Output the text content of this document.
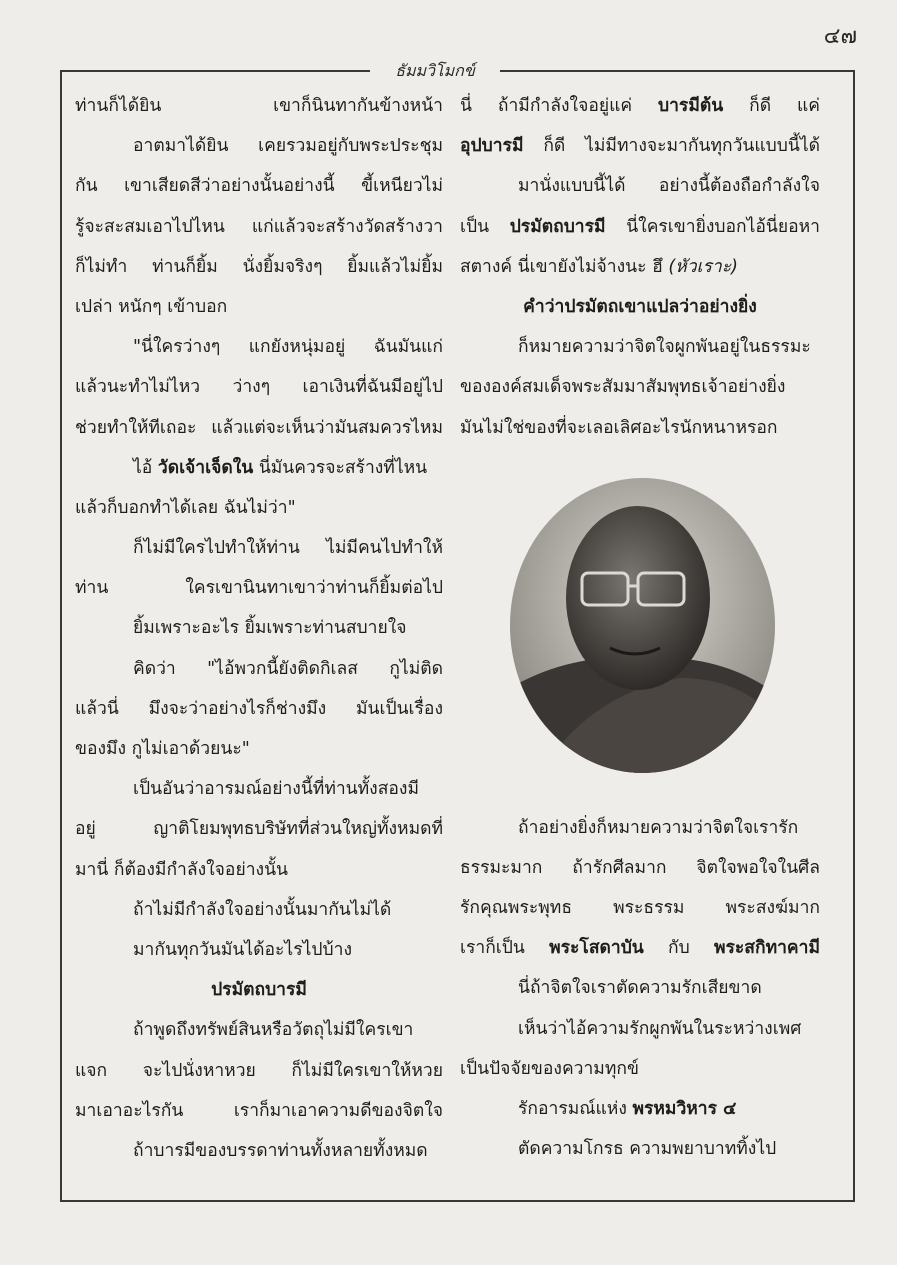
๔๗
ธัมมวิโมกข์
ท่านก็ได้ยิน เขาก็นินทากันข้างหน้า
อาตมาได้ยิน เคยรวมอยู่กับพระประชุม
กัน เขาเสียดสีว่าอย่างนั้นอย่างนี้ ขี้เหนียวไม่
รู้จะสะสมเอาไปไหน แก่แล้วจะสร้างวัดสร้างวา
ก็ไม่ทำ ท่านก็ยิ้ม นั่งยิ้มจริงๆ ยิ้มแล้วไม่ยิ้ม
เปล่า หนักๆ เข้าบอก
"นี่ใครว่างๆ แกยังหนุ่มอยู่ ฉันมันแก่
แล้วนะทำไม่ไหว ว่างๆ เอาเงินที่ฉันมีอยู่ไป
ช่วยทำให้ทีเถอะ แล้วแต่จะเห็นว่ามันสมควรไหม
ไอ้ วัดเจ้าเจ็ดใน นี่มันควรจะสร้างที่ไหน
แล้วก็บอกทำได้เลย ฉันไม่ว่า"
ก็ไม่มีใครไปทำให้ท่าน ไม่มีคนไปทำให้
ท่าน ใครเขานินทาเขาว่าท่านก็ยิ้มต่อไป
ยิ้มเพราะอะไร ยิ้มเพราะท่านสบายใจ
คิดว่า "ไอ้พวกนี้ยังติดกิเลส กูไม่ติด
แล้วนี่ มึงจะว่าอย่างไรก็ช่างมึง มันเป็นเรื่อง
ของมึง กูไม่เอาด้วยนะ"
เป็นอันว่าอารมณ์อย่างนี้ที่ท่านทั้งสองมี
อยู่ ญาติโยมพุทธบริษัทที่ส่วนใหญ่ทั้งหมดที่
มานี่ ก็ต้องมีกำลังใจอย่างนั้น
ถ้าไม่มีกำลังใจอย่างนั้นมากันไม่ได้
มากันทุกวันมันได้อะไรไปบ้าง
ปรมัตถบารมี
ถ้าพูดถึงทรัพย์สินหรือวัตถุไม่มีใครเขา
แจก จะไปนั่งหาหวย ก็ไม่มีใครเขาให้หวย
มาเอาอะไรกัน เราก็มาเอาความดีของจิตใจ
ถ้าบารมีของบรรดาท่านทั้งหลายทั้งหมด
นี่ ถ้ามีกำลังใจอยู่แค่ บารมีต้น ก็ดี แค่
อุปบารมี ก็ดี ไม่มีทางจะมากันทุกวันแบบนี้ได้
มานั่งแบบนี้ได้ อย่างนี้ต้องถือกำลังใจ
เป็น ปรมัตถบารมี นี่ใครเขายิ่งบอกไอ้นี่ยอหา
สตางค์ นี่เขายังไม่จ้างนะ ฮึ (หัวเราะ)
คำว่าปรมัตถเขาแปลว่าอย่างยิ่ง
ก็หมายความว่าจิตใจผูกพันอยู่ในธรรมะ
ขององค์สมเด็จพระสัมมาสัมพุทธเจ้าอย่างยิ่ง
มันไม่ใช่ของที่จะเลอเลิศอะไรนักหนาหรอก
ถ้าอย่างยิ่งก็หมายความว่าจิตใจเรารัก
ธรรมะมาก ถ้ารักศีลมาก จิตใจพอใจในศีล
รักคุณพระพุทธ พระธรรม พระสงฆ์มาก
เราก็เป็น พระโสดาบัน กับ พระสกิทาคามี
นี่ถ้าจิตใจเราตัดความรักเสียขาด
เห็นว่าไอ้ความรักผูกพันในระหว่างเพศ
เป็นปัจจัยของความทุกข์
รักอารมณ์แห่ง พรหมวิหาร ๔
ตัดความโกรธ ความพยาบาททิ้งไป
